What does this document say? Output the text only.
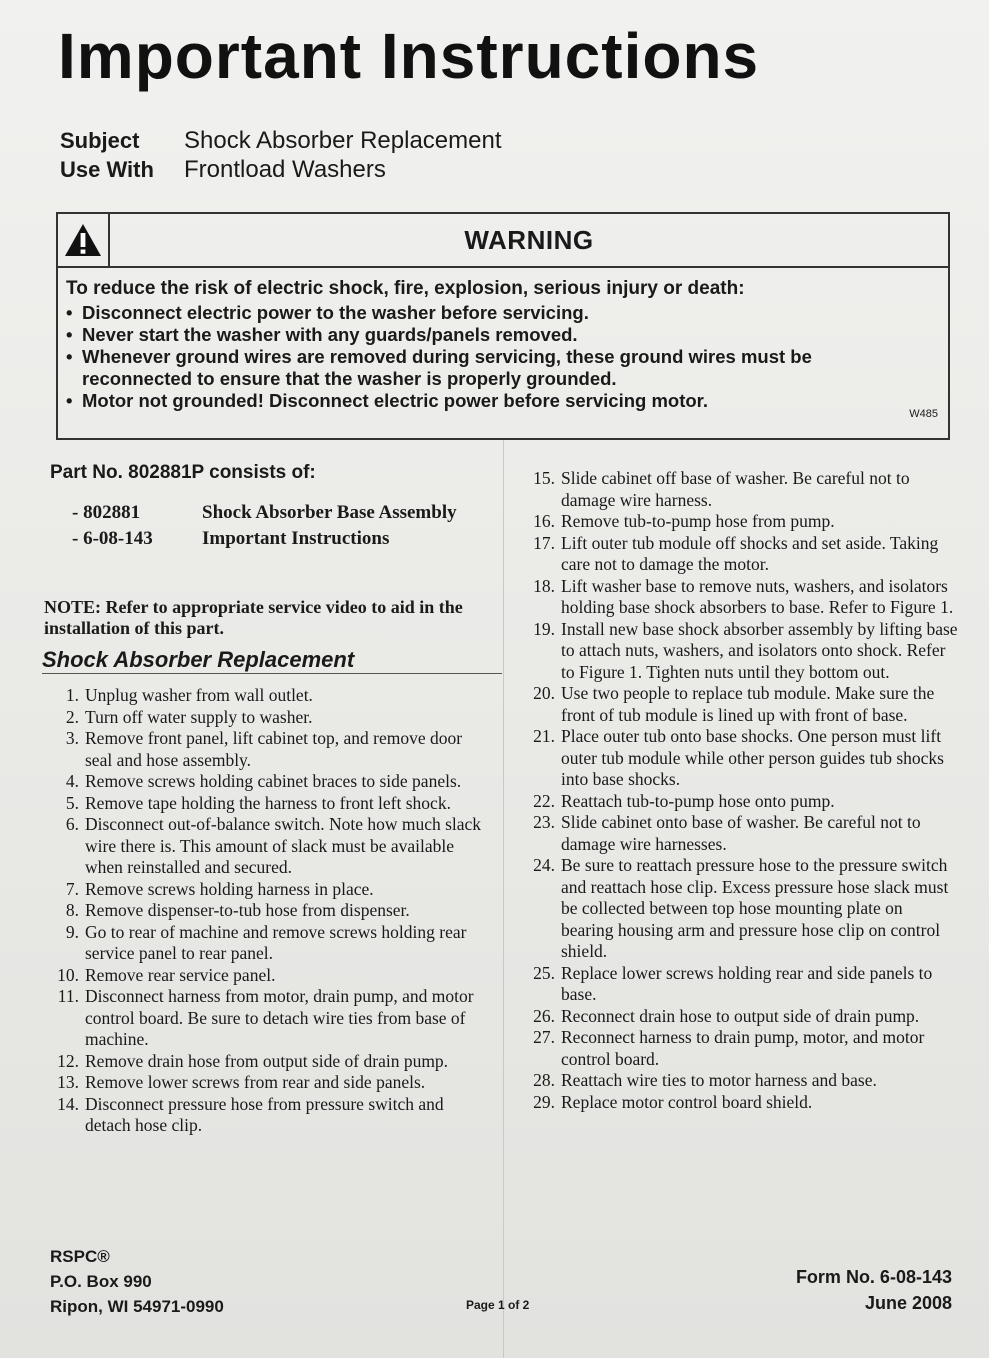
Important Instructions
Subject	Shock Absorber Replacement
Use With	Frontload Washers
WARNING
To reduce the risk of electric shock, fire, explosion, serious injury or death:
• Disconnect electric power to the washer before servicing.
• Never start the washer with any guards/panels removed.
• Whenever ground wires are removed during servicing, these ground wires must be reconnected to ensure that the washer is properly grounded.
• Motor not grounded! Disconnect electric power before servicing motor.
W485
Part No. 802881P consists of:
- 802881	Shock Absorber Base Assembly
- 6-08-143	Important Instructions
NOTE: Refer to appropriate service video to aid in the installation of this part.
Shock Absorber Replacement
1. Unplug washer from wall outlet.
2. Turn off water supply to washer.
3. Remove front panel, lift cabinet top, and remove door seal and hose assembly.
4. Remove screws holding cabinet braces to side panels.
5. Remove tape holding the harness to front left shock.
6. Disconnect out-of-balance switch. Note how much slack wire there is. This amount of slack must be available when reinstalled and secured.
7. Remove screws holding harness in place.
8. Remove dispenser-to-tub hose from dispenser.
9. Go to rear of machine and remove screws holding rear service panel to rear panel.
10. Remove rear service panel.
11. Disconnect harness from motor, drain pump, and motor control board. Be sure to detach wire ties from base of machine.
12. Remove drain hose from output side of drain pump.
13. Remove lower screws from rear and side panels.
14. Disconnect pressure hose from pressure switch and detach hose clip.
15. Slide cabinet off base of washer. Be careful not to damage wire harness.
16. Remove tub-to-pump hose from pump.
17. Lift outer tub module off shocks and set aside. Taking care not to damage the motor.
18. Lift washer base to remove nuts, washers, and isolators holding base shock absorbers to base. Refer to Figure 1.
19. Install new base shock absorber assembly by lifting base to attach nuts, washers, and isolators onto shock. Refer to Figure 1. Tighten nuts until they bottom out.
20. Use two people to replace tub module. Make sure the front of tub module is lined up with front of base.
21. Place outer tub onto base shocks. One person must lift outer tub module while other person guides tub shocks into base shocks.
22. Reattach tub-to-pump hose onto pump.
23. Slide cabinet onto base of washer. Be careful not to damage wire harnesses.
24. Be sure to reattach pressure hose to the pressure switch and reattach hose clip. Excess pressure hose slack must be collected between top hose mounting plate on bearing housing arm and pressure hose clip on control shield.
25. Replace lower screws holding rear and side panels to base.
26. Reconnect drain hose to output side of drain pump.
27. Reconnect harness to drain pump, motor, and motor control board.
28. Reattach wire ties to motor harness and base.
29. Replace motor control board shield.
RSPC®
P.O. Box 990
Ripon, WI 54971-0990	Page 1 of 2
Form No. 6-08-143
June 2008
